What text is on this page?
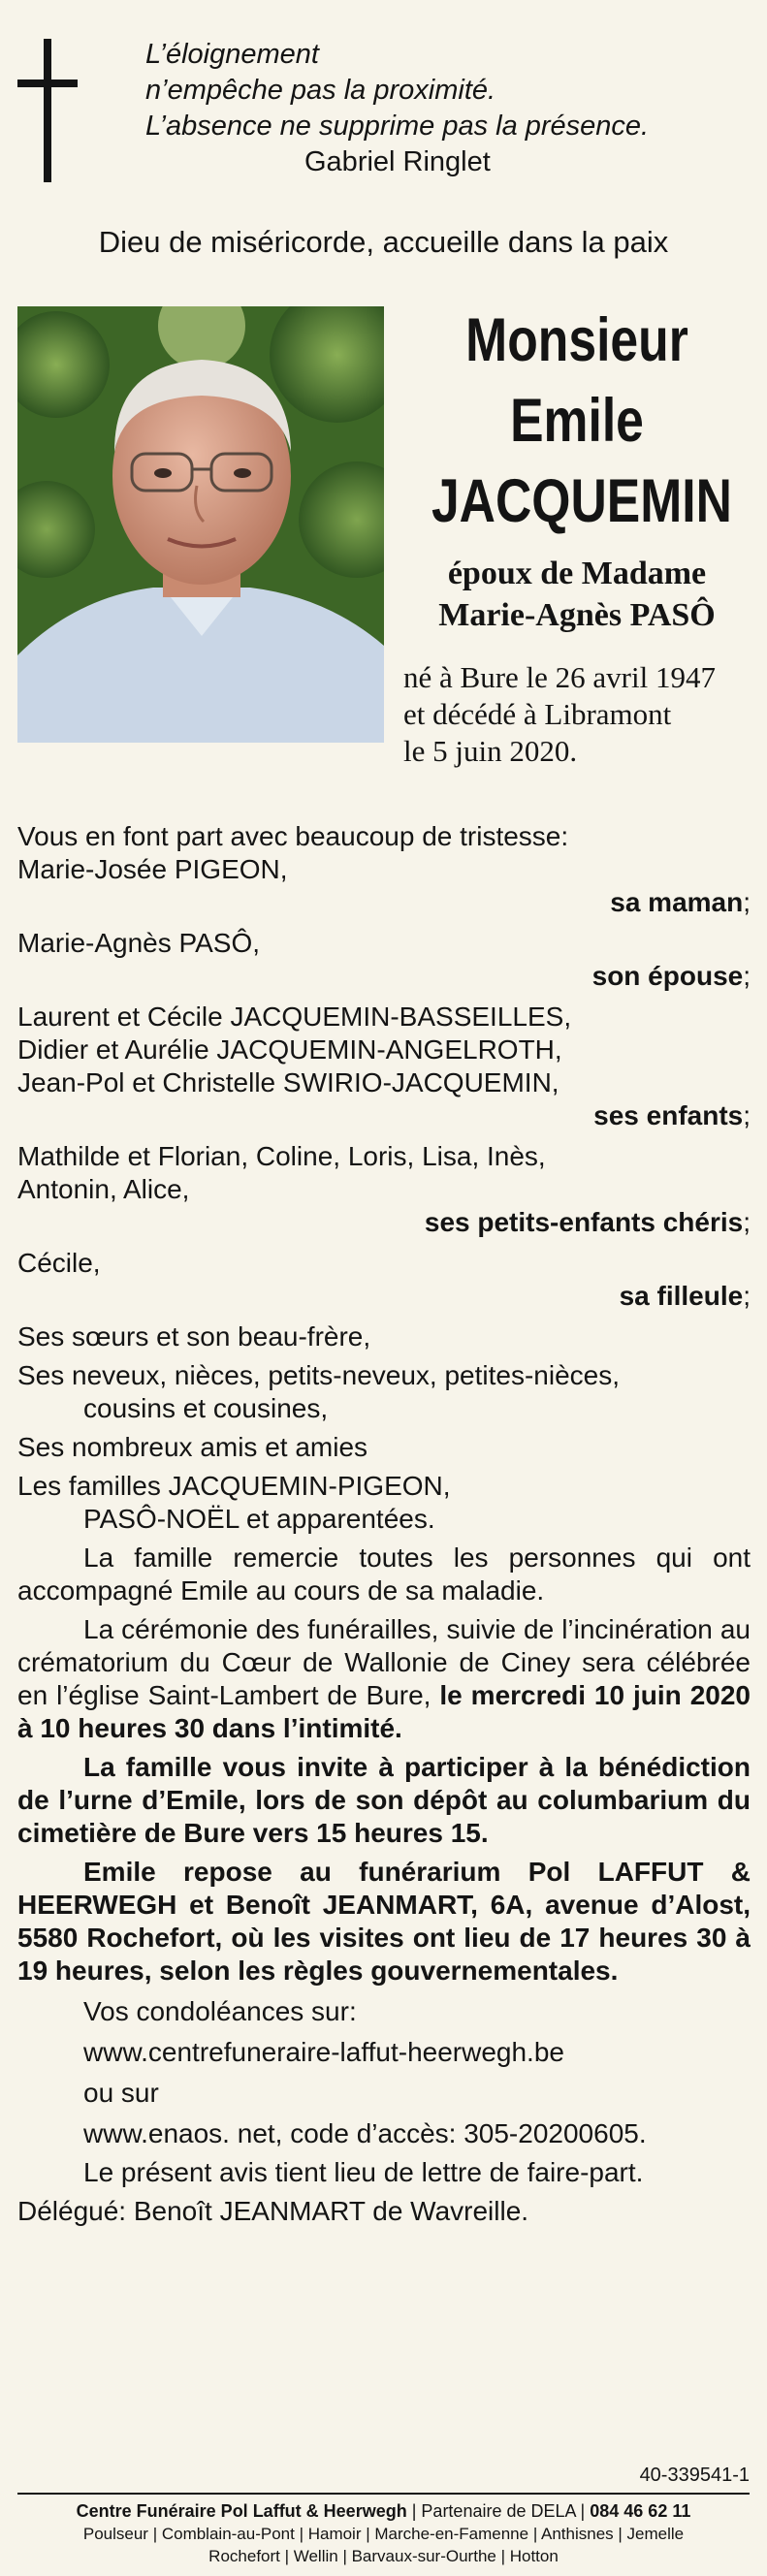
L’éloignement
n’empêche pas la proximité.
L’absence ne supprime pas la présence.
Gabriel Ringlet
Dieu de miséricorde, accueille dans la paix
Monsieur
Emile
JACQUEMIN
époux de Madame
Marie-Agnès PASÔ
né à Bure le 26 avril 1947
et décédé à Libramont
le 5 juin 2020.

Vous en font part avec beaucoup de tristesse:

Marie-Josée PIGEON,

sa maman;

Marie-Agnès PASÔ,

son épouse;

Laurent et Cécile JACQUEMIN-BASSEILLES,

Didier et Aurélie JACQUEMIN-ANGELROTH,

Jean-Pol et Christelle SWIRIO-JACQUEMIN,

ses enfants;

Mathilde et Florian, Coline, Loris, Lisa, Inès,

Antonin, Alice,

ses petits-enfants chéris;

Cécile,

sa filleule;

Ses sœurs et son beau-frère,

Ses neveux, nièces, petits-neveux, petites-nièces,

cousins et cousines,

Ses nombreux amis et amies

Les familles JACQUEMIN-PIGEON,

PASÔ-NOËL et apparentées.

La famille remercie toutes les personnes qui ont accompagné Emile au cours de sa maladie.

La cérémonie des funérailles, suivie de l’incinération au crématorium du Cœur de Wallonie de Ciney sera célébrée en l’église Saint-Lambert de Bure, le mercredi 10 juin 2020 à 10 heures 30 dans l’intimité.

La famille vous invite à participer à la bénédiction de l’urne d’Emile, lors de son dépôt au columbarium du cimetière de Bure vers 15 heures 15.

Emile repose au funérarium Pol LAFFUT & HEERWEGH et Benoît JEANMART, 6A, avenue d’Alost, 5580 Rochefort, où les visites ont lieu de 17 heures 30 à 19 heures, selon les règles gouvernementales.

Vos condoléances sur:

www.centrefuneraire-laffut-heerwegh.be

ou sur

www.enaos. net, code d’accès: 305-20200605.

Le présent avis tient lieu de lettre de faire-part.

Délégué: Benoît JEANMART de Wavreille.

40-339541-1
Centre Funéraire Pol Laffut & Heerwegh | Partenaire de DELA | 084 46 62 11
Poulseur | Comblain-au-Pont | Hamoir | Marche-en-Famenne | Anthisnes | Jemelle
Rochefort | Wellin | Barvaux-sur-Ourthe | Hotton
